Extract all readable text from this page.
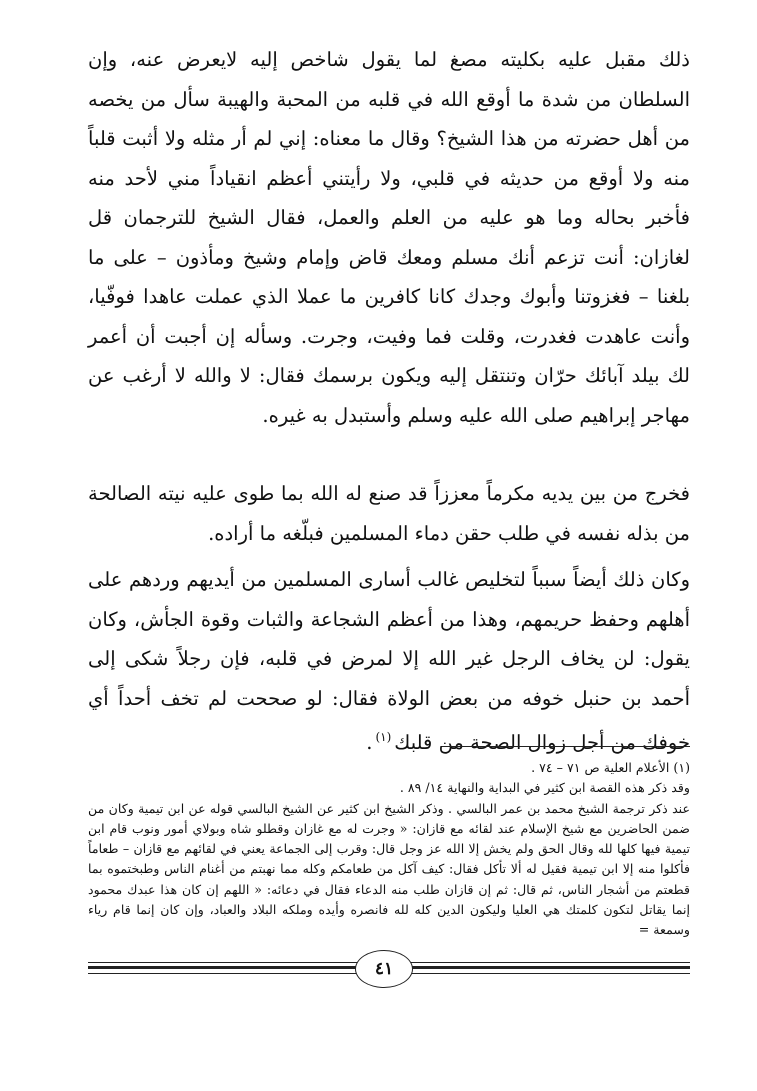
ذلك مقبل عليه بكليته مصغ لما يقول شاخص إليه لايعرض عنه، وإن السلطان من شدة ما أوقع الله في قلبه من المحبة والهيبة سأل من يخصه من أهل حضرته من هذا الشيخ؟ وقال ما معناه: إني لم أر مثله ولا أثبت قلباً منه ولا أوقع من حديثه في قلبي، ولا رأيتني أعظم انقياداً مني لأحد منه فأخبر بحاله وما هو عليه من العلم والعمل، فقال الشيخ للترجمان قل لغازان: أنت تزعم أنك مسلم ومعك قاض وإمام وشيخ ومأذون – على ما بلغنا – فغزوتنا وأبوك وجدك كانا كافرين ما عملا الذي عملت عاهدا فوفّيا، وأنت عاهدت فغدرت، وقلت فما وفيت، وجرت. وسأله إن أجبت أن أعمر لك بيلد آبائك حرّان وتنتقل إليه ويكون برسمك فقال: لا والله لا أرغب عن مهاجر إبراهيم صلى الله عليه وسلم وأستبدل به غيره.

فخرج من بين يديه مكرماً معززاً قد صنع له الله بما طوى عليه نيته الصالحة من بذله نفسه في طلب حقن دماء المسلمين فبلّغه ما أراده.

وكان ذلك أيضاً سبباً لتخليص غالب أسارى المسلمين من أيديهم وردهم على أهلهم وحفظ حريمهم، وهذا من أعظم الشجاعة والثبات وقوة الجأش، وكان يقول: لن يخاف الرجل غير الله إلا لمرض في قلبه، فإن رجلاً شكى إلى أحمد بن حنبل خوفه من بعض الولاة فقال: لو صححت لم تخف أحداً أي خوفك من أجل زوال الصحة من قلبك$^{(١)}$.

(١) الأعلام العلية ص ٧١ – ٧٤ .

وقد ذكر هذه القصة ابن كثير في البداية والنهاية ١٤/ ٨٩ .

عند ذكر ترجمة الشيخ محمد بن عمر البالسي . وذكر الشيخ ابن كثير عن الشيخ البالسي قوله عن ابن تيمية وكان من ضمن الحاضرين مع شيخ الإسلام عند لقائه مع قازان: « وجرت له مع غازان وقطلو شاه وبولاي أمور ونوب قام ابن تيمية فيها كلها لله وقال الحق ولم يخش إلا الله عز وجل قال: وقرب إلى الجماعة يعني في لقائهم مع قازان – طعاماً فأكلوا منه إلا ابن تيمية فقيل له ألا تأكل فقال: كيف آكل من طعامكم وكله مما نهبتم من أغنام الناس وطبختموه بما قطعتم من أشجار الناس، ثم قال: ثم إن قازان طلب منه الدعاء فقال في دعائه: « اللهم إن كان هذا عبدك محمود إنما يقاتل لتكون كلمتك هي العليا وليكون الدين كله لله فانصره وأيده وملكه البلاد والعباد، وإن كان إنما قام رياء وسمعة =

٤١
